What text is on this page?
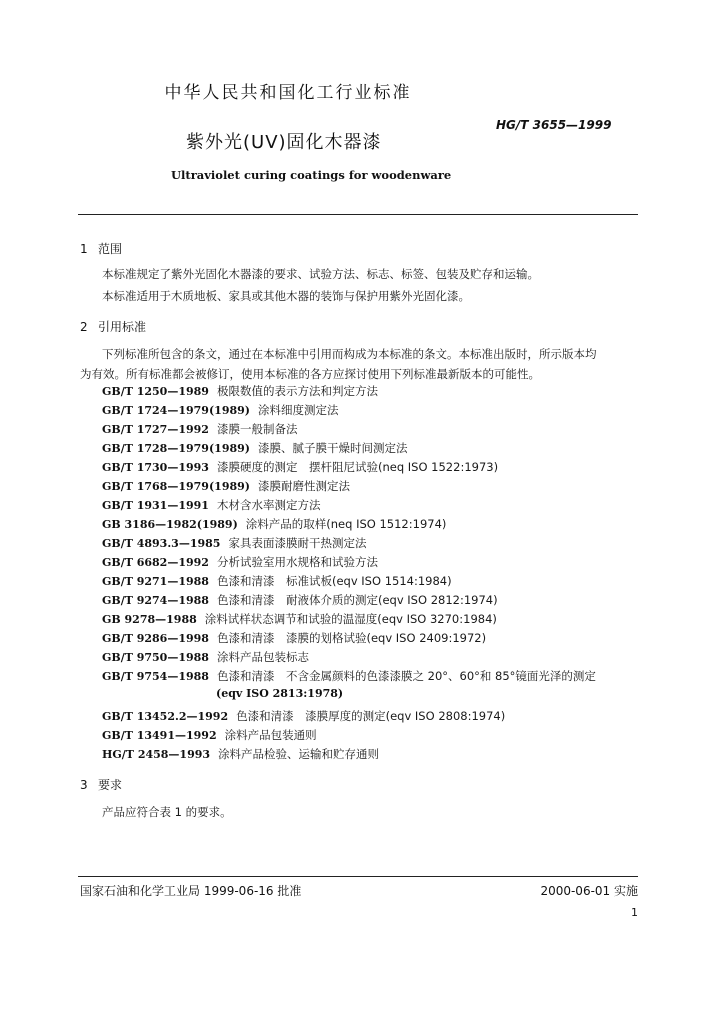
中华人民共和国化工行业标准
HG/T 3655—1999
紫外光(UV)固化木器漆
Ultraviolet curing coatings for woodenware
1 范围
本标准规定了紫外光固化木器漆的要求、试验方法、标志、标签、包装及贮存和运输。
本标准适用于木质地板、家具或其他木器的装饰与保护用紫外光固化漆。
2 引用标准
下列标准所包含的条文，通过在本标准中引用而构成为本标准的条文。本标准出版时，所示版本均
为有效。所有标准都会被修订，使用本标准的各方应探讨使用下列标准最新版本的可能性。
GB/T 1250—1989 极限数值的表示方法和判定方法
GB/T 1724—1979(1989) 涂料细度测定法
GB/T 1727—1992 漆膜一般制备法
GB/T 1728—1979(1989) 漆膜、腻子膜干燥时间测定法
GB/T 1730—1993 漆膜硬度的测定　摆杆阻尼试验(neq ISO 1522:1973)
GB/T 1768—1979(1989) 漆膜耐磨性测定法
GB/T 1931—1991 木材含水率测定方法
GB 3186—1982(1989) 涂料产品的取样(neq ISO 1512:1974)
GB/T 4893.3—1985 家具表面漆膜耐干热测定法
GB/T 6682—1992 分析试验室用水规格和试验方法
GB/T 9271—1988 色漆和清漆　标准试板(eqv ISO 1514:1984)
GB/T 9274—1988 色漆和清漆　耐液体介质的测定(eqv ISO 2812:1974)
GB 9278—1988 涂料试样状态调节和试验的温湿度(eqv ISO 3270:1984)
GB/T 9286—1998 色漆和清漆　漆膜的划格试验(eqv ISO 2409:1972)
GB/T 9750—1988 涂料产品包装标志
GB/T 9754—1988 色漆和清漆　不含金属颜料的色漆漆膜之 20°、60°和 85°镜面光泽的测定
(eqv ISO 2813:1978)
GB/T 13452.2—1992 色漆和清漆　漆膜厚度的测定(eqv ISO 2808:1974)
GB/T 13491—1992 涂料产品包装通则
HG/T 2458—1993 涂料产品检验、运输和贮存通则
3 要求
产品应符合表 1 的要求。
国家石油和化学工业局 1999-06-16 批准	2000-06-01 实施
1
